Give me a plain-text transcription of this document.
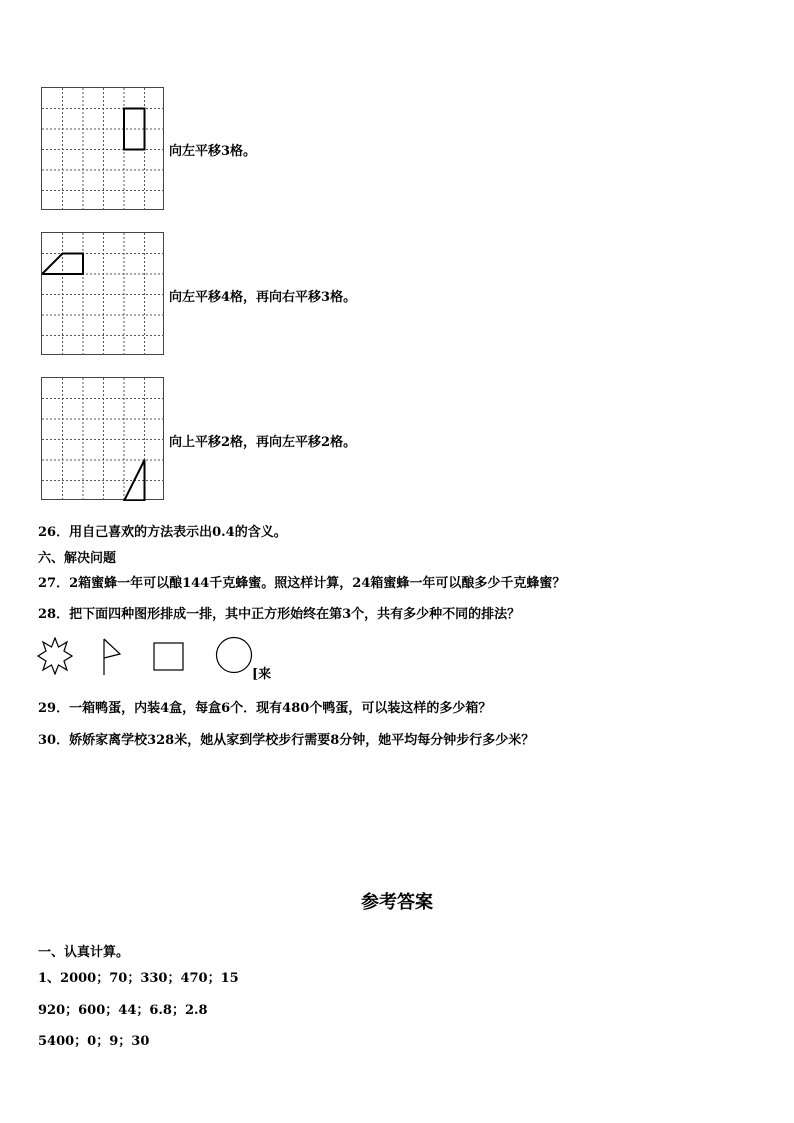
向左平移3格。
向左平移4格，再向右平移3格。
向上平移2格，再向左平移2格。
26．用自己喜欢的方法表示出0.4的含义。
六、解决问题
27．2箱蜜蜂一年可以酿144千克蜂蜜。照这样计算，24箱蜜蜂一年可以酿多少千克蜂蜜？
28．把下面四种图形排成一排，其中正方形始终在第3个，共有多少种不同的排法？
[来
29．一箱鸭蛋，内装4盒，每盒6个．现有480个鸭蛋，可以装这样的多少箱？
30．娇娇家离学校328米，她从家到学校步行需要8分钟，她平均每分钟步行多少米？
参考答案
一、认真计算。
1、2000；70；330；470；15
920；600；44；6.8；2.8
5400；0；9；30
